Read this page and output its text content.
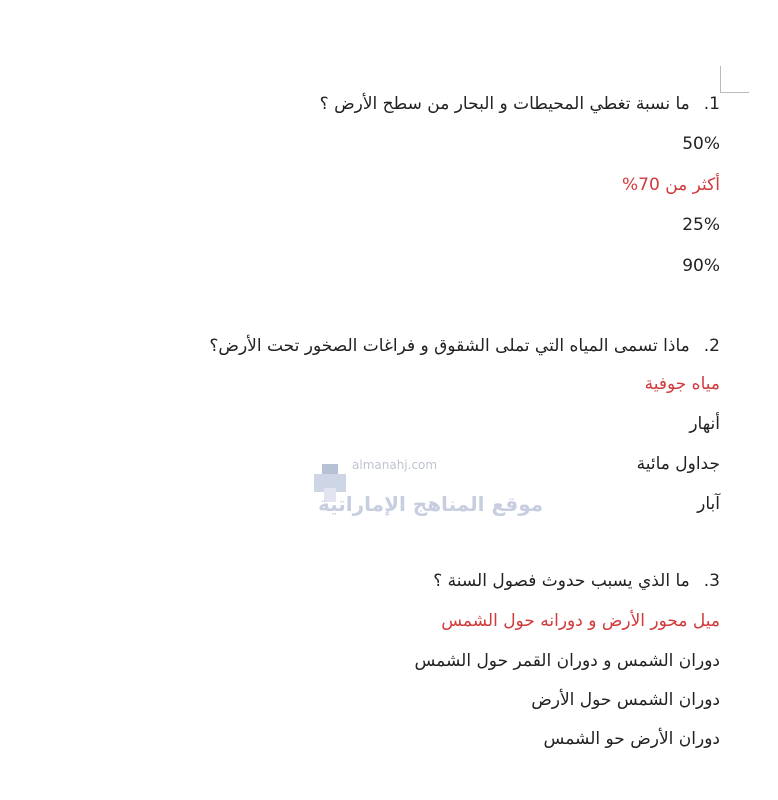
1.ما نسبة تغطي المحيطات و البحار من سطح الأرض ؟
50%
أكثر من 70%
25%
90%
2.ماذا تسمى المياه التي تملى الشقوق و فراغات الصخور تحت الأرض؟
مياه جوفية
أنهار
جداول مائية
آبار
3.ما الذي يسبب حدوث فصول السنة ؟
ميل محور الأرض و دورانه حول الشمس
دوران الشمس و دوران القمر حول الشمس
دوران الشمس حول الأرض
دوران الأرض حو الشمس
almanahj.com
موقع المناهج الإماراتية
